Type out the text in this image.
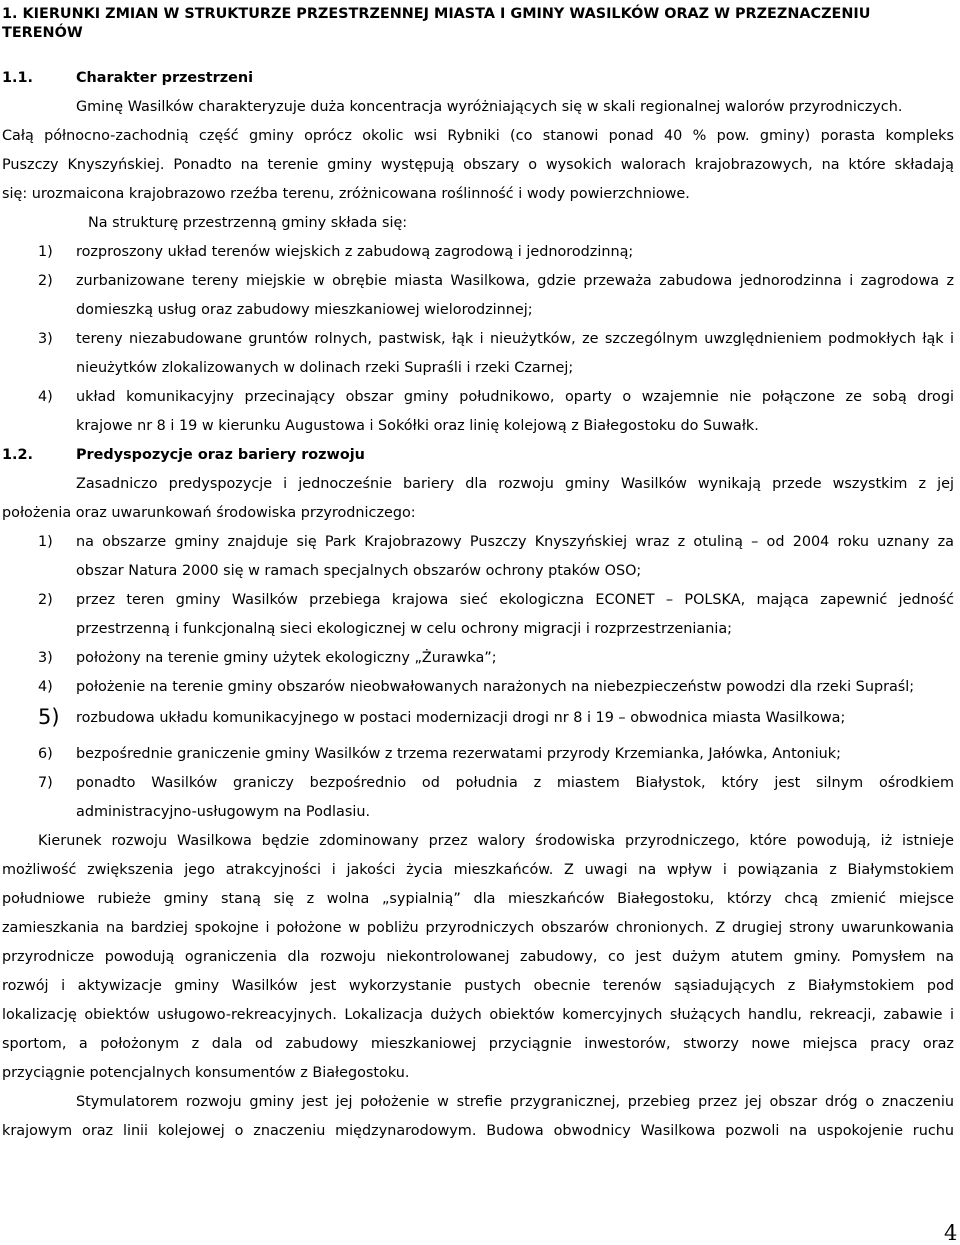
1. KIERUNKI ZMIAN W STRUKTURZE PRZESTRZENNEJ MIASTA I GMINY WASILKÓW ORAZ W PRZEZNACZENIU
TERENÓW
1.1.	Charakter przestrzeni
Gminę Wasilków charakteryzuje duża koncentracja wyróżniających się w skali regionalnej walorów przyrodniczych.
Całą północno-zachodnią część gminy oprócz okolic wsi Rybniki (co stanowi ponad 40 % pow. gminy) porasta kompleks
Puszczy Knyszyńskiej. Ponadto na terenie gminy występują obszary o wysokich walorach krajobrazowych, na które składają
się: urozmaicona krajobrazowo rzeźba terenu, zróżnicowana roślinność i wody powierzchniowe.
Na strukturę przestrzenną gminy składa się:
1) rozproszony układ terenów wiejskich z zabudową zagrodową i jednorodzinną;
2) zurbanizowane tereny miejskie w obrębie miasta Wasilkowa, gdzie przeważa zabudowa jednorodzinna i zagrodowa z
domieszką usług oraz zabudowy mieszkaniowej wielorodzinnej;
3) tereny niezabudowane gruntów rolnych, pastwisk, łąk i nieużytków, ze szczególnym uwzględnieniem podmokłych łąk i
nieużytków zlokalizowanych w dolinach rzeki Supraśli i rzeki Czarnej;
4) układ komunikacyjny przecinający obszar gminy południkowo, oparty o wzajemnie nie połączone ze sobą drogi
krajowe nr 8 i 19 w kierunku Augustowa i Sokółki oraz linię kolejową z Białegostoku do Suwałk.
1.2.	Predyspozycje oraz bariery rozwoju
Zasadniczo predyspozycje i jednocześnie bariery dla rozwoju gminy Wasilków wynikają przede wszystkim z jej
położenia oraz uwarunkowań środowiska przyrodniczego:
1) na obszarze gminy znajduje się Park Krajobrazowy Puszczy Knyszyńskiej wraz z otuliną – od 2004 roku uznany za
obszar Natura 2000 się w ramach specjalnych obszarów ochrony ptaków OSO;
2) przez teren gminy Wasilków przebiega krajowa sieć ekologiczna ECONET – POLSKA, mająca zapewnić jedność
przestrzenną i funkcjonalną sieci ekologicznej w celu ochrony migracji i rozprzestrzeniania;
3) położony na terenie gminy użytek ekologiczny „Żurawka”;
4) położenie na terenie gminy obszarów nieobwałowanych narażonych na niebezpieczeństw powodzi dla rzeki Supraśl;
5) rozbudowa układu komunikacyjnego w postaci modernizacji drogi nr 8 i 19 – obwodnica miasta Wasilkowa;
6) bezpośrednie graniczenie gminy Wasilków z trzema rezerwatami przyrody Krzemianka, Jałówka, Antoniuk;
7) ponadto Wasilków graniczy bezpośrednio od południa z miastem Białystok, który jest silnym ośrodkiem
administracyjno-usługowym na Podlasiu.
Kierunek rozwoju Wasilkowa będzie zdominowany przez walory środowiska przyrodniczego, które powodują, iż istnieje
możliwość zwiększenia jego atrakcyjności i jakości życia mieszkańców. Z uwagi na wpływ i powiązania z Białymstokiem
południowe rubieże gminy staną się z wolna „sypialnią” dla mieszkańców Białegostoku, którzy chcą zmienić miejsce
zamieszkania na bardziej spokojne i położone w pobliżu przyrodniczych obszarów chronionych. Z drugiej strony uwarunkowania
przyrodnicze powodują ograniczenia dla rozwoju niekontrolowanej zabudowy, co jest dużym atutem gminy. Pomysłem na
rozwój i aktywizacje gminy Wasilków jest wykorzystanie pustych obecnie terenów sąsiadujących z Białymstokiem pod
lokalizację obiektów usługowo-rekreacyjnych. Lokalizacja dużych obiektów komercyjnych służących handlu, rekreacji, zabawie i
sportom, a położonym z dala od zabudowy mieszkaniowej przyciągnie inwestorów, stworzy nowe miejsca pracy oraz
przyciągnie potencjalnych konsumentów z Białegostoku.
Stymulatorem rozwoju gminy jest jej położenie w strefie przygranicznej, przebieg przez jej obszar dróg o znaczeniu
krajowym oraz linii kolejowej o znaczeniu międzynarodowym. Budowa obwodnicy Wasilkowa pozwoli na uspokojenie ruchu
4
